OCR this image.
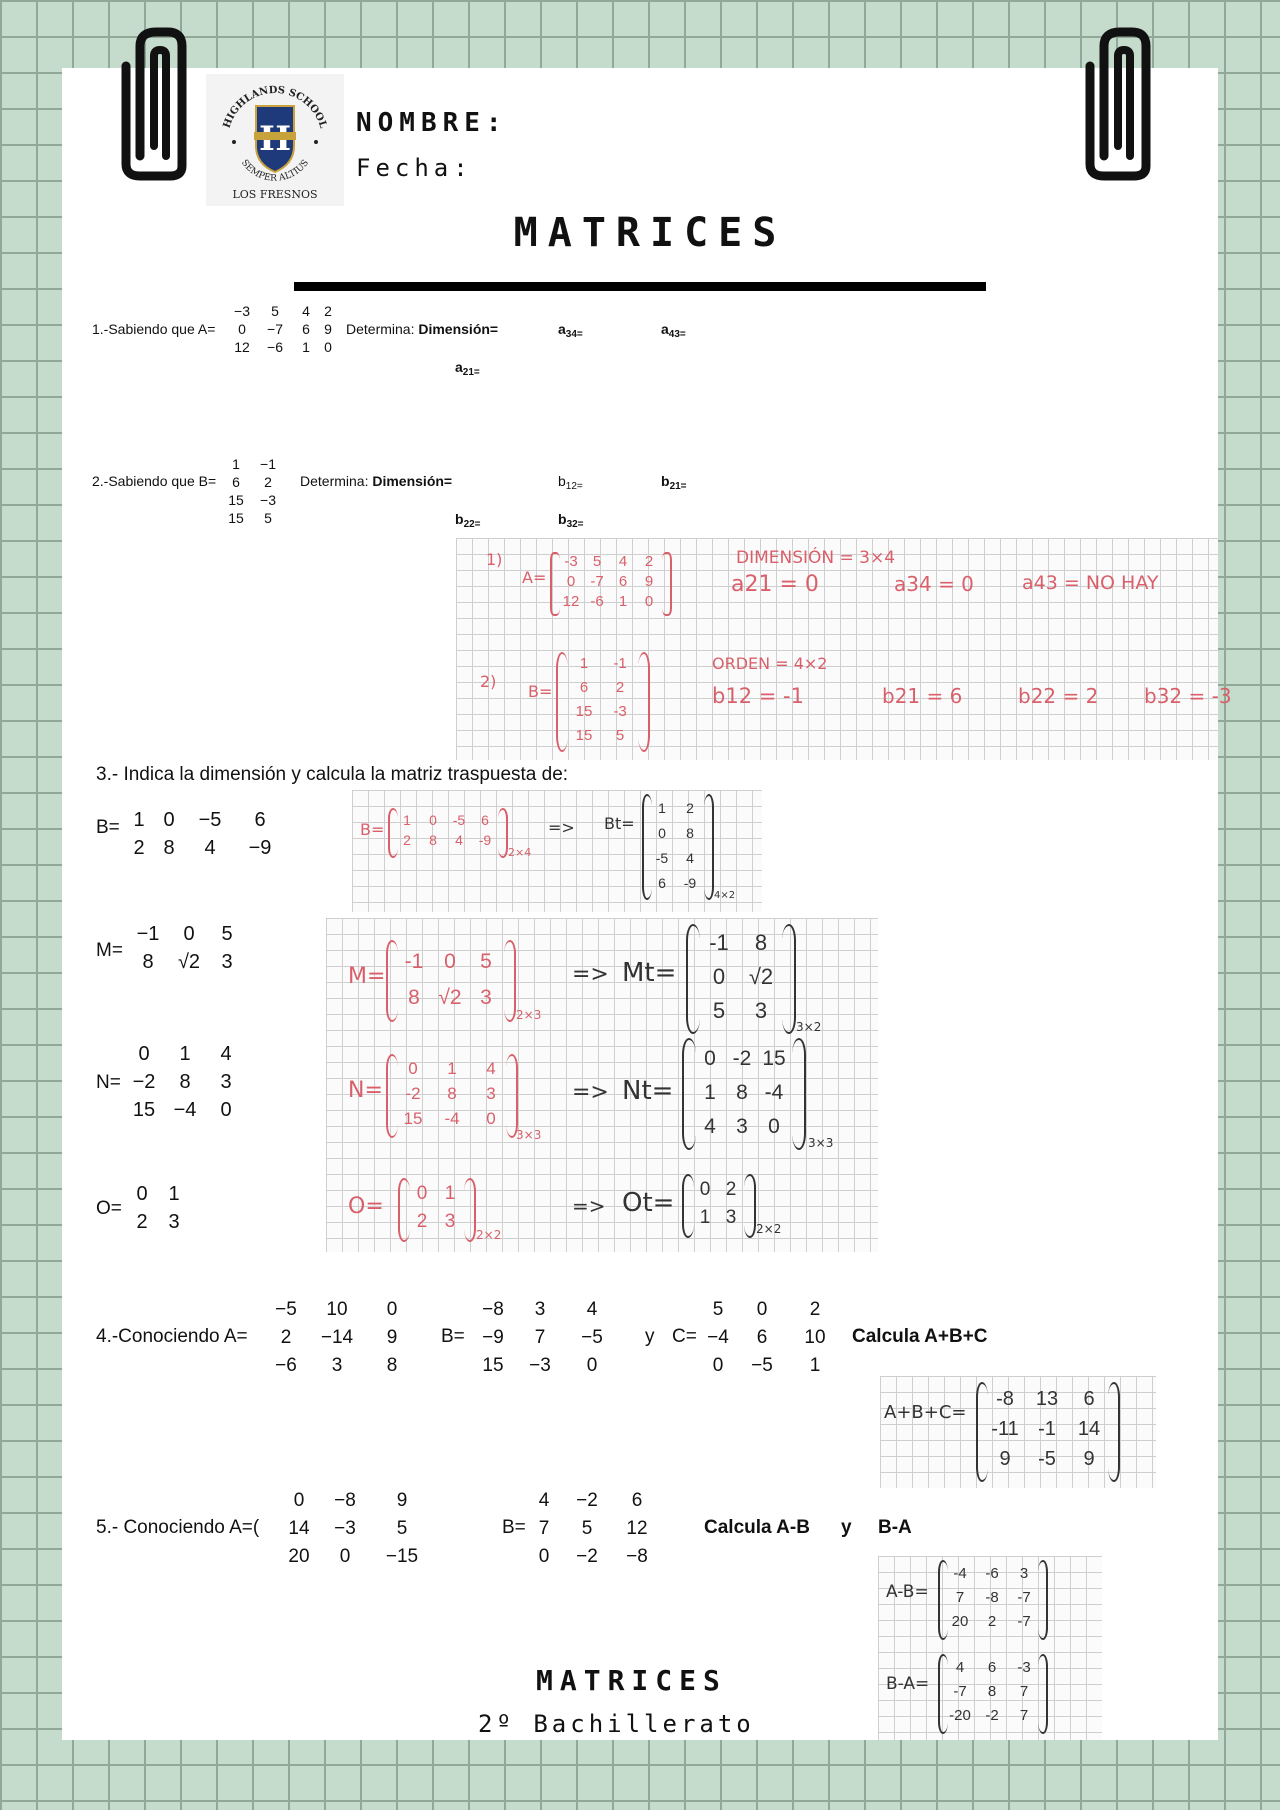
HIGHLANDS SCHOOL
SEMPER ALTIUS
LOS FRESNOS
NOMBRE:
Fecha:
MATRICES
1.-Sabiendo que A=
−3	5	4	2
0	−7	6	9
12	−6	1	0
Determina: Dimensión=	$a_{34=}$	$a_{43=}$
$a_{21=}$
2.-Sabiendo que B=
1	−1
6	2
15	−3
15	5
Determina: Dimensión=	$b_{12=}$	$b_{21=}$
$b_{22=}$	$b_{32=}$
1)
A=
-3	5	4	2
0	-7	6	9
12 -6	1	0
DIMENSIÓN = 3×4
a21 = 0	a34 = 0	a43 = NO HAY
2)
B=
1	-1
6	2
15	-3
15	5
ORDEN = 4×2
b12 = -1	b21 = 6	b22 = 2 b32 = -3
3.- Indica la dimensión y calcula la matriz traspuesta de:
B= 1 0	−5	6
2 8	4	−9
M=
−1	0	5
8	√2	3
N=
0	1	4
−2	8	3
15 −4	0
O=
0	1
2	3
B=	1	0	-5	6
2	8	4	-9
2×4
=> Bt=
1	2
0	8
-5	4
6	-9
4×2
M=
-1 0	5
8 √2 3
2×3
=> Mt=
-1	8
0	√2
5	3
3×2
N=
0	1	4
-2	8	3
15	-4	0
3×3
=> Nt=
0 -2 15
1 8 -4
4 3 0
3×3
O=
0 1
2 3
2×2
=> Ot=	0 2
1 3
2×2
4.-Conociendo A=
−5	10	0
2	−14	9
−6	3	8
B=
−8	3	4
−9	7	−5
15	−3	0
y C=
5	0	2
−4	6	10
0	−5	1
Calcula A+B+C
A+B+C=
-8	13	6
-11 -1	14
9	-5	9
5.- Conociendo A=(
0	−8	9
14	−3	5
20	0	−15
B=
4	−2	6
7	5	12
0	−2	−8
Calcula A-B y B-A
A-B=
-4	-6	3
7	-8	-7
20	2	-7
B-A=
4	6	-3
-7	8	7
-20 -2	7
MATRICES
2º Bachillerato
